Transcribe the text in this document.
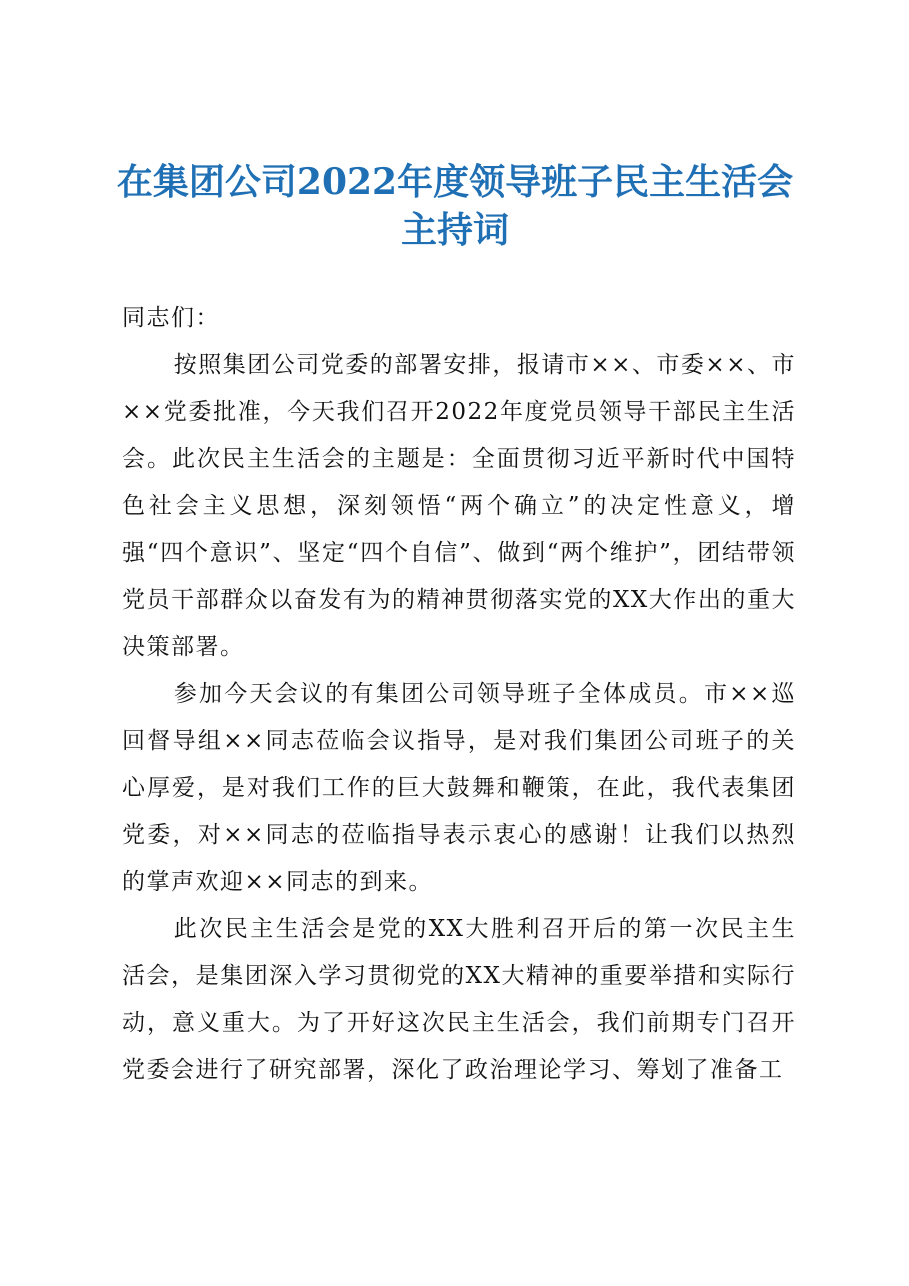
在集团公司2022年度领导班子民主生活会主持词

同志们：

按照集团公司党委的部署安排，报请市××、市委××、市××党委批准，今天我们召开2022年度党员领导干部民主生活会。此次民主生活会的主题是：全面贯彻习近平新时代中国特色社会主义思想，深刻领悟“两个确立”的决定性意义，增强“四个意识”、坚定“四个自信”、做到“两个维护”，团结带领党员干部群众以奋发有为的精神贯彻落实党的XX大作出的重大决策部署。

参加今天会议的有集团公司领导班子全体成员。市××巡回督导组××同志莅临会议指导，是对我们集团公司班子的关心厚爱，是对我们工作的巨大鼓舞和鞭策，在此，我代表集团党委，对××同志的莅临指导表示衷心的感谢！让我们以热烈的掌声欢迎××同志的到来。

此次民主生活会是党的XX大胜利召开后的第一次民主生活会，是集团深入学习贯彻党的XX大精神的重要举措和实际行动，意义重大。为了开好这次民主生活会，我们前期专门召开党委会进行了研究部署，深化了政治理论学习、筹划了准备工
